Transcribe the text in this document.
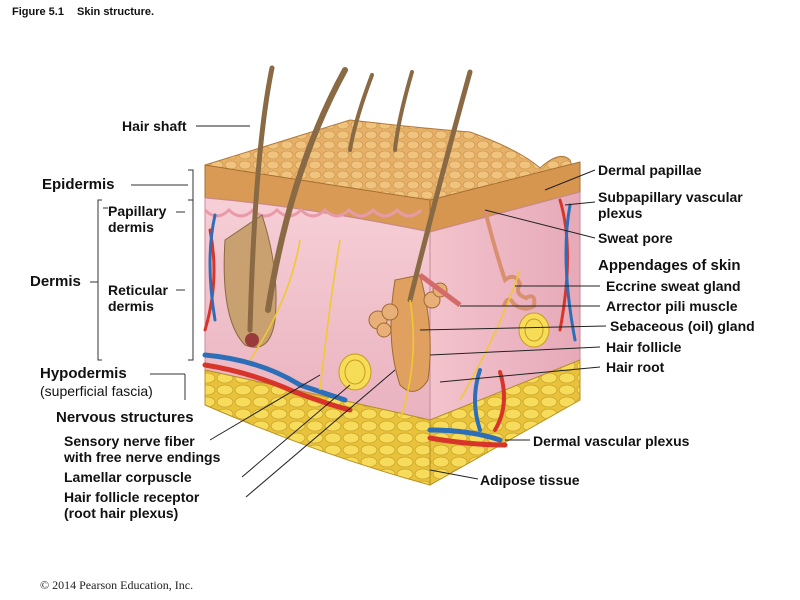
Figure 5.1 Skin structure.
Hair shaft
Epidermis
Papillary
dermis
Dermis Reticular
dermis
Hypodermis
(superficial fascia)
Nervous structures
Sensory nerve fiber
with free nerve endings
Lamellar corpuscle
Hair follicle receptor
(root hair plexus)
Dermal papillae
Subpapillary vascular
plexus
Sweat pore
Appendages of skin
Eccrine sweat gland
Arrector pili muscle
Sebaceous (oil) gland
Hair follicle
Hair root
Dermal vascular plexus
Adipose tissue
© 2014 Pearson Education, Inc.
